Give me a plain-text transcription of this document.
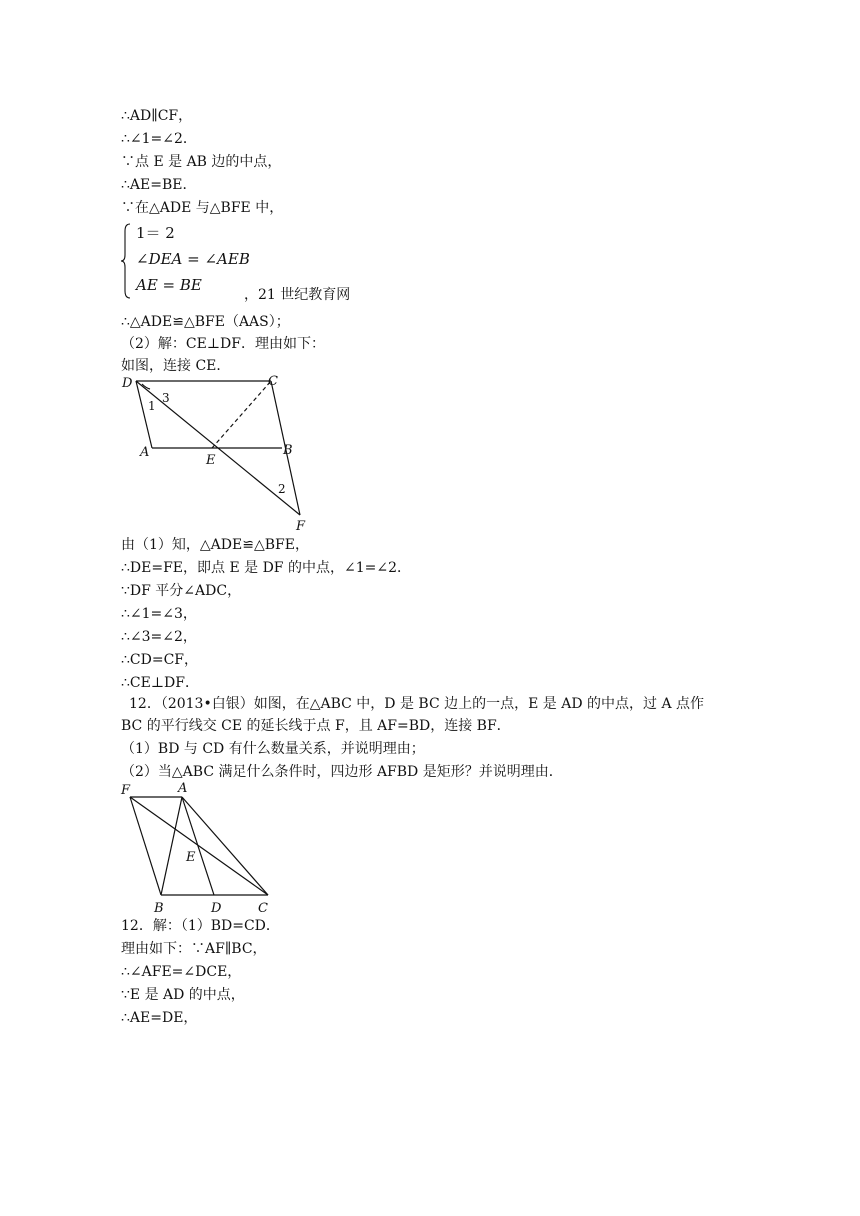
∴AD∥CF，
∴∠1=∠2．
∵点 E 是 AB 边的中点，
∴AE=BE．
∵在△ADE 与△BFE 中，
1＝ 2
∠DEA = ∠AEB
AE = BE
，21 世纪教育网
∴△ADE≌△BFE（AAS）；
（2）解：CE⊥DF．理由如下：
如图，连接 CE．
D	C
1
3
A
E
B
2
F
由（1）知，△ADE≌△BFE，
∴DE=FE，即点 E 是 DF 的中点，∠1=∠2．
∵DF 平分∠ADC，
∴∠1=∠3，
∴∠3=∠2，
∴CD=CF，
∴CE⊥DF．
12．（2013•白银）如图，在△ABC 中，D 是 BC 边上的一点，E 是 AD 的中点，过 A 点作
BC 的平行线交 CE 的延长线于点 F，且 AF=BD，连接 BF．
（1）BD 与 CD 有什么数量关系，并说明理由；
（2）当△ABC 满足什么条件时，四边形 AFBD 是矩形？并说明理由．
F	A
E
B	D	C
12．解：（1）BD=CD．
理由如下：∵AF∥BC，
∴∠AFE=∠DCE，
∵E 是 AD 的中点，
∴AE=DE，
